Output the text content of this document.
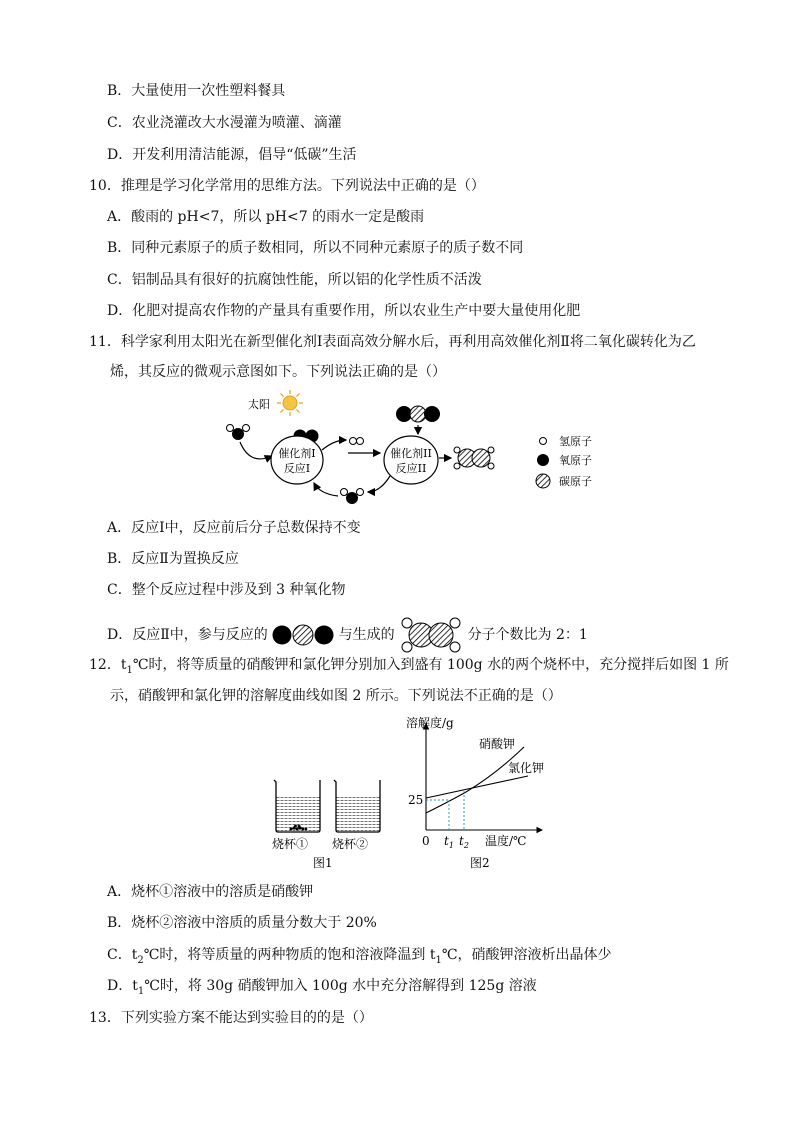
B．大量使用一次性塑料餐具
C．农业浇灌改大水漫灌为喷灌、滴灌
D．开发利用清洁能源，倡导“低碳”生活
10．推理是学习化学常用的思维方法。下列说法中正确的是（）
A．酸雨的 pH<7，所以 pH<7 的雨水一定是酸雨
B．同种元素原子的质子数相同，所以不同种元素原子的质子数不同
C．铝制品具有很好的抗腐蚀性能，所以铝的化学性质不活泼
D．化肥对提高农作物的产量具有重要作用，所以农业生产中要大量使用化肥
11．科学家利用太阳光在新型催化剂Ⅰ表面高效分解水后，再利用高效催化剂Ⅱ将二氧化碳转化为乙
烯，其反应的微观示意图如下。下列说法正确的是（）
太阳
催化剂I
反应I
催化剂II
反应II
氢原子
氧原子
碳原子
A．反应Ⅰ中，反应前后分子总数保持不变
B．反应Ⅱ为置换反应
C．整个反应过程中涉及到 3 种氧化物
D．反应Ⅱ中，参与反应的	与生成的	分子个数比为 2：1
12．$t_1℃$时，将等质量的硝酸钾和氯化钾分别加入到盛有 100g 水的两个烧杯中，充分搅拌后如图 1 所
示，硝酸钾和氯化钾的溶解度曲线如图 2 所示。下列说法不正确的是（）
烧杯① 烧杯②
图1
溶解度/g
硝酸钾
氯化钾
25
0 $t_1$ $t_2$ 温度/℃
图2
A．烧杯①溶液中的溶质是硝酸钾
B．烧杯②溶液中溶质的质量分数大于 20%
C．$t_2℃$时，将等质量的两种物质的饱和溶液降温到 $t_1℃$，硝酸钾溶液析出晶体少
D．$t_1℃$时，将 30g 硝酸钾加入 100g 水中充分溶解得到 125g 溶液
13．下列实验方案不能达到实验目的的是（）
